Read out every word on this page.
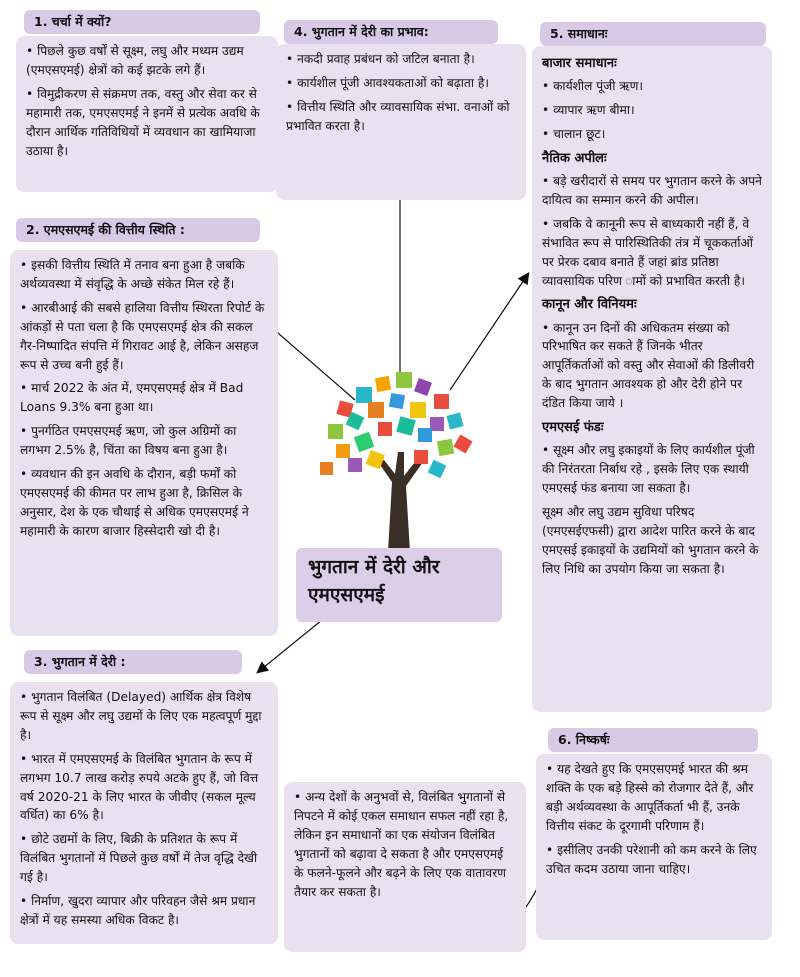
1. चर्चा में क्यों?

• पिछले कुछ वर्षों से सूक्ष्म, लघु और मध्यम उद्यम (एमएसएमई) क्षेत्रों को कई झटके लगे हैं।

• विमुद्रीकरण से संक्रमण तक, वस्तु और सेवा कर से महामारी तक, एमएसएमई ने इनमें से प्रत्येक अवधि के दौरान आर्थिक गतिविधियों में व्यवधान का खामियाजा उठाया है।

4. भुगतान में देरी का प्रभाव:

• नकदी प्रवाह प्रबंधन को जटिल बनाता है।

• कार्यशील पूंजी आवश्यकताओं को बढ़ाता है।

• वित्तीय स्थिति और व्यावसायिक संभा. वनाओं को प्रभावित करता है।

2. एमएसएमई की वित्तीय स्थिति :

• इसकी वित्तीय स्थिति में तनाव बना हुआ है जबकि अर्थव्यवस्था में संवृद्धि के अच्छे संकेत मिल रहे हैं।

• आरबीआई की सबसे हालिया वित्तीय स्थिरता रिपोर्ट के आंकड़ों से पता चला है कि एमएसएमई क्षेत्र की सकल गैर-निष्पादित संपत्ति में गिरावट आई है, लेकिन असहज रूप से उच्च बनी हुई हैं।

• मार्च 2022 के अंत में, एमएसएमई क्षेत्र में Bad Loans 9.3% बना हुआ था।

• पुनर्गठित एमएसएमई ऋण, जो कुल अग्रिमों का लगभग 2.5% है, चिंता का विषय बना हुआ है।

• व्यवधान की इन अवधि के दौरान, बड़ी फर्मों को एमएसएमई की कीमत पर लाभ हुआ है, क्रिसिल के अनुसार, देश के एक चौथाई से अधिक एमएसएमई ने महामारी के कारण बाजार हिस्सेदारी खो दी है।

5. समाधानः
बाजार समाधानः

• कार्यशील पूंजी ऋण।

• व्यापार ऋण बीमा।

• चालान छूट।

नैतिक अपीलः

• बड़े खरीदारों से समय पर भुगतान करने के अपने दायित्व का सम्मान करने की अपील।

• जबकि वे कानूनी रूप से बाध्यकारी नहीं हैं, वे संभावित रूप से पारिस्थितिकी तंत्र में चूककर्ताओं पर प्रेरक दबाव बनाते हैं जहां ब्रांड प्रतिष्ठा व्यावसायिक परिण ामों को प्रभावित करती है।

कानून और विनियमः

• कानून उन दिनों की अधिकतम संख्या को परिभाषित कर सकते हैं जिनके भीतर आपूर्तिकर्ताओं को वस्तु और सेवाओं की डिलीवरी के बाद भुगतान आवश्यक हो और देरी होने पर दंडित किया जाये ।

एमएसई फंडः

• सूक्ष्म और लघु इकाइयों के लिए कार्यशील पूंजी की निरंतरता निर्बाध रहे , इसके लिए एक स्थायी एमएसई फंड बनाया जा सकता है।

सूक्ष्म और लघु उद्यम सुविधा परिषद (एमएसईएफसी) द्वारा आदेश पारित करने के बाद एमएसई इकाइयों के उद्यमियों को भुगतान करने के लिए निधि का उपयोग किया जा सकता है।

भुगतान में देरी और एमएसएमई
3. भुगतान में देरी :

• भुगतान विलंबित (Delayed) आर्थिक क्षेत्र विशेष रूप से सूक्ष्म और लघु उद्यमों के लिए एक महत्वपूर्ण मुद्दा है।

• भारत में एमएसएमई के विलंबित भुगतान के रूप में लगभग 10.7 लाख करोड़ रुपये अटके हुए हैं, जो वित्त वर्ष 2020-21 के लिए भारत के जीवीए (सकल मूल्य वर्धित) का 6% है।

• छोटे उद्यमों के लिए, बिक्री के प्रतिशत के रूप में विलंबित भुगतानों में पिछले कुछ वर्षों में तेज वृद्धि देखी गई है।

• निर्माण, खुदरा व्यापार और परिवहन जैसे श्रम प्रधान क्षेत्रों में यह समस्या अधिक विकट है।

• अन्य देशों के अनुभवों से, विलंबित भुगतानों से निपटने में कोई एकल समाधान सफल नहीं रहा है, लेकिन इन समाधानों का एक संयोजन विलंबित भुगतानों को बढ़ावा दे सकता है और एमएसएमई के फलने-फूलने और बढ़ने के लिए एक वातावरण तैयार कर सकता है।

6. निष्कर्षः

• यह देखते हुए कि एमएसएमई भारत की श्रम शक्ति के एक बड़े हिस्से को रोजगार देते हैं, और बड़ी अर्थव्यवस्था के आपूर्तिकर्ता भी हैं, उनके वित्तीय संकट के दूरगामी परिणाम हैं।

• इसीलिए उनकी परेशानी को कम करने के लिए उचित कदम उठाया जाना चाहिए।
